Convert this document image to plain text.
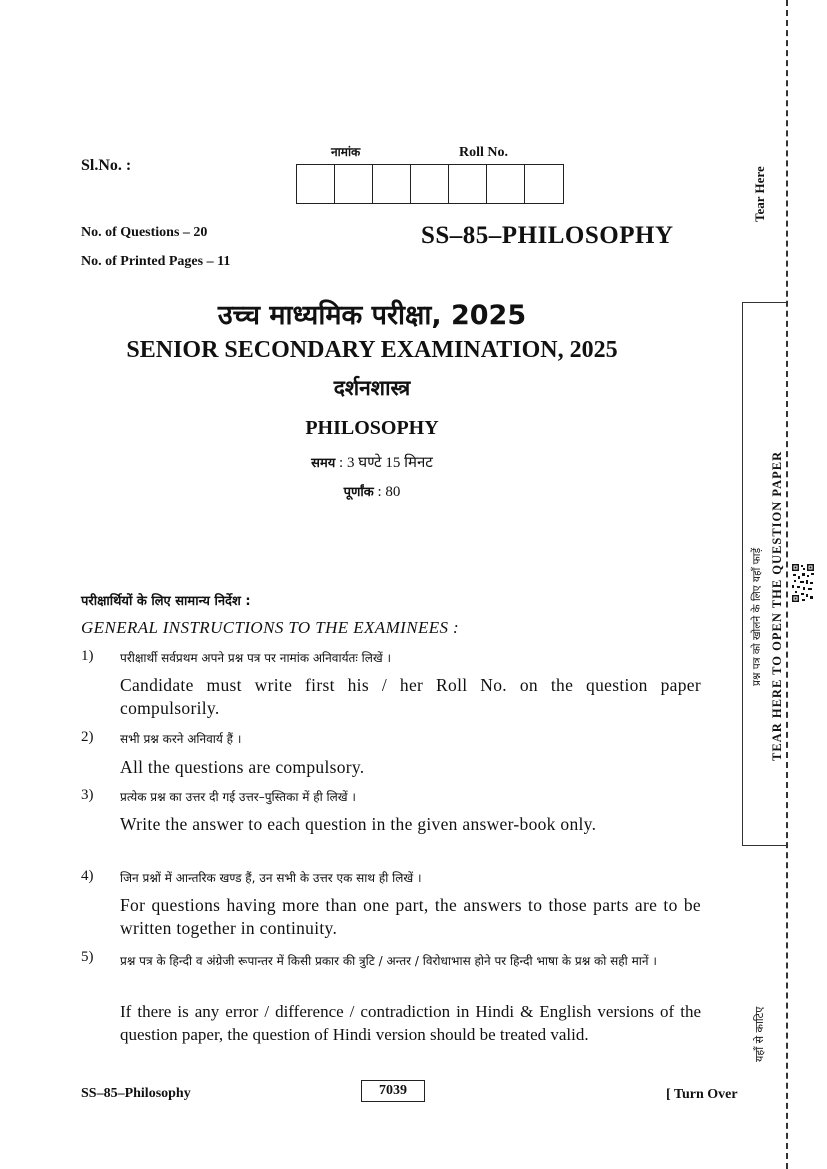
Sl.No. :
नामांक	Roll No.
No. of Questions – 20
No. of Printed Pages – 11
SS–85–PHILOSOPHY
उच्च माध्यमिक परीक्षा, 2025
SENIOR SECONDARY EXAMINATION, 2025
दर्शनशास्त्र
PHILOSOPHY
समय : 3 घण्टे 15 मिनट
पूर्णांक : 80
परीक्षार्थियों के लिए सामान्य निर्देश :
GENERAL INSTRUCTIONS TO THE EXAMINEES :
1) परीक्षार्थी सर्वप्रथम अपने प्रश्न पत्र पर नामांक अनिवार्यतः लिखें ।
Candidate must write first his / her Roll No. on the question paper compulsorily.
2) सभी प्रश्न करने अनिवार्य हैं ।
All the questions are compulsory.
3) प्रत्येक प्रश्न का उत्तर दी गई उत्तर–पुस्तिका में ही लिखें ।
Write the answer to each question in the given answer-book only.
4) जिन प्रश्नों में आन्तरिक खण्ड हैं, उन सभी के उत्तर एक साथ ही लिखें ।
For questions having more than one part, the answers to those parts are to be written together in continuity.
5) प्रश्न पत्र के हिन्दी व अंग्रेजी रूपान्तर में किसी प्रकार की त्रुटि / अन्तर / विरोधाभास होने पर हिन्दी भाषा के प्रश्न को सही मानें ।
If there is any error / difference / contradiction in Hindi & English versions of the question paper, the question of Hindi version should be treated valid.
SS–85–Philosophy	7039	[ Turn Over
Tear Here
TEAR HERE TO OPEN THE QUESTION PAPER
प्रश्न पत्र को खोलने के लिए यहाँ फाड़ें
यहाँ से काटिए
